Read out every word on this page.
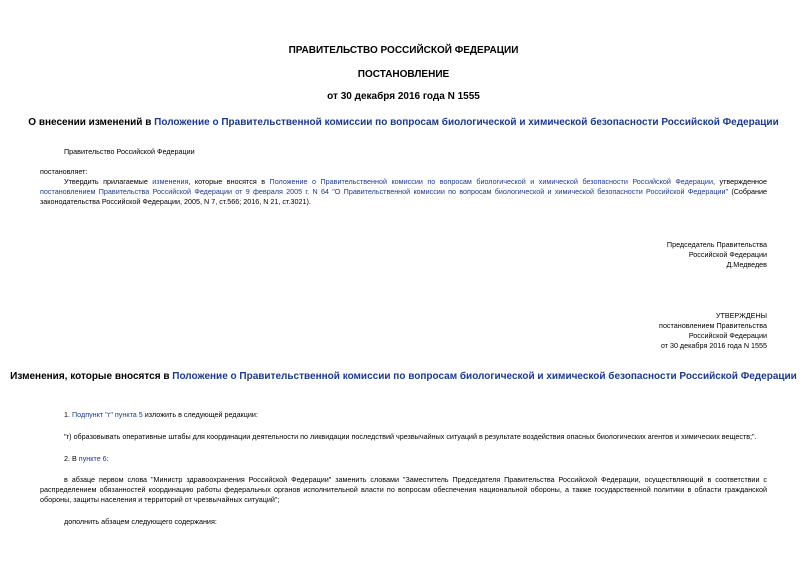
ПРАВИТЕЛЬСТВО РОССИЙСКОЙ ФЕДЕРАЦИИ
ПОСТАНОВЛЕНИЕ
от 30 декабря 2016 года N 1555
О внесении изменений в Положение о Правительственной комиссии по вопросам биологической и химической безопасности Российской Федерации
Правительство Российской Федерации
постановляет:
Утвердить прилагаемые изменения, которые вносятся в Положение о Правительственной комиссии по вопросам биологической и химической безопасности Российской Федерации, утвержденное постановлением Правительства Российской Федерации от 9 февраля 2005 г. N 64 "О Правительственной комиссии по вопросам биологической и химической безопасности Российской Федерации" (Собрание законодательства Российской Федерации, 2005, N 7, ст.566; 2016, N 21, ст.3021).
Председатель Правительства
Российской Федерации
Д.Медведев
УТВЕРЖДЕНЫ
постановлением Правительства
Российской Федерации
от 30 декабря 2016 года N 1555
Изменения, которые вносятся в Положение о Правительственной комиссии по вопросам биологической и химической безопасности Российской Федерации
1. Подпункт "г" пункта 5 изложить в следующей редакции:
"г) образовывать оперативные штабы для координации деятельности по ликвидации последствий чрезвычайных ситуаций в результате воздействия опасных биологических агентов и химических веществ;".
2. В пункте 6:
в абзаце первом слова "Министр здравоохранения Российской Федерации" заменить словами "Заместитель Председателя Правительства Российской Федерации, осуществляющий в соответствии с распределением обязанностей координацию работы федеральных органов исполнительной власти по вопросам обеспечения национальной обороны, а также государственной политики в области гражданской обороны, защиты населения и территорий от чрезвычайных ситуаций";
дополнить абзацем следующего содержания:
